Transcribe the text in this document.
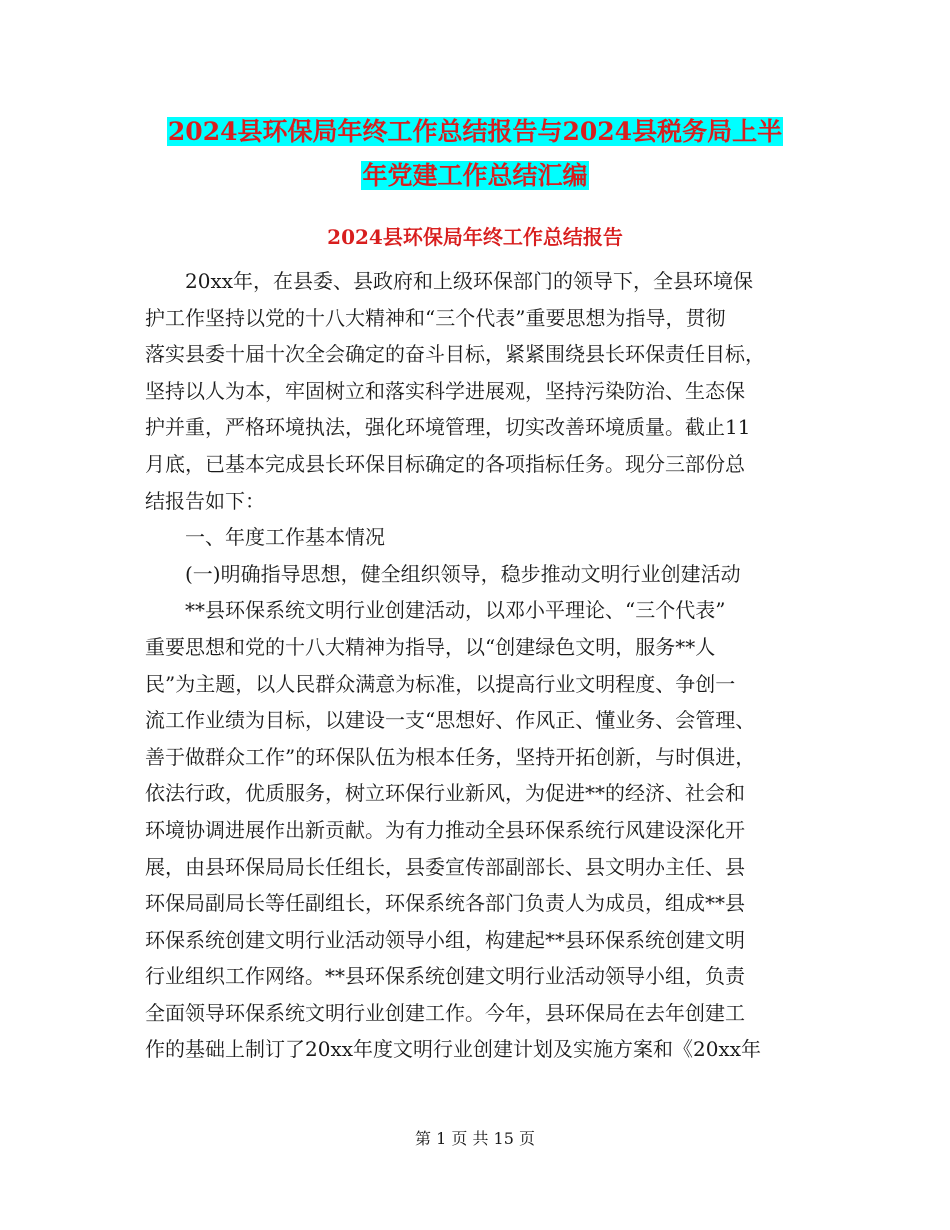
2024县环保局年终工作总结报告与2024县税务局上半
年党建工作总结汇编
2024县环保局年终工作总结报告
20xx年，在县委、县政府和上级环保部门的领导下，全县环境保
护工作坚持以党的十八大精神和“三个代表”重要思想为指导，贯彻
落实县委十届十次全会确定的奋斗目标，紧紧围绕县长环保责任目标，
坚持以人为本，牢固树立和落实科学进展观，坚持污染防治、生态保
护并重，严格环境执法，强化环境管理，切实改善环境质量。截止11
月底，已基本完成县长环保目标确定的各项指标任务。现分三部份总
结报告如下：
一、年度工作基本情况
(一)明确指导思想，健全组织领导，稳步推动文明行业创建活动
**县环保系统文明行业创建活动，以邓小平理论、“三个代表”
重要思想和党的十八大精神为指导，以“创建绿色文明，服务**人
民”为主题，以人民群众满意为标准，以提高行业文明程度、争创一
流工作业绩为目标，以建设一支“思想好、作风正、懂业务、会管理、
善于做群众工作”的环保队伍为根本任务，坚持开拓创新，与时俱进，
依法行政，优质服务，树立环保行业新风，为促进**的经济、社会和
环境协调进展作出新贡献。为有力推动全县环保系统行风建设深化开
展，由县环保局局长任组长，县委宣传部副部长、县文明办主任、县
环保局副局长等任副组长，环保系统各部门负责人为成员，组成**县
环保系统创建文明行业活动领导小组，构建起**县环保系统创建文明
行业组织工作网络。**县环保系统创建文明行业活动领导小组，负责
全面领导环保系统文明行业创建工作。今年，县环保局在去年创建工
作的基础上制订了20xx年度文明行业创建计划及实施方案和《20xx年
第 1 页 共 15 页
